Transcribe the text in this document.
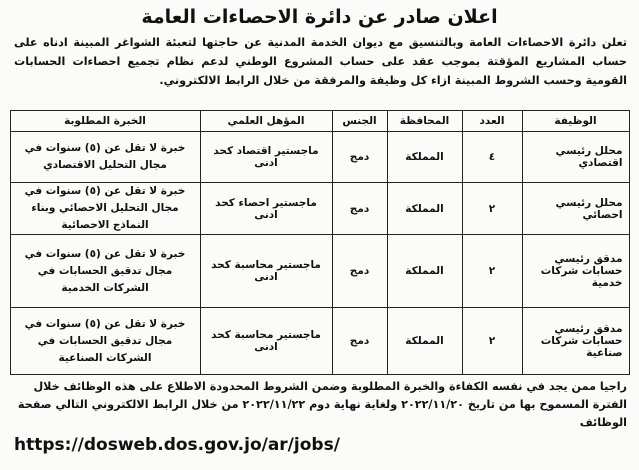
اعلان صادر عن دائرة الاحصاءات العامة

تعلن دائرة الاحصاءات العامة وبالتنسيق مع ديوان الخدمة المدنية عن حاجتها لتعبئة الشواغر المبينة ادناه على حساب المشاريع المؤقتة بموجب عقد على حساب المشروع الوطني لدعم نظام تجميع احصاءات الحسابات القومية وحسب الشروط المبينة ازاء كل وظيفة والمرفقة من خلال الرابط الالكتروني.

الوظيفة	العدد	المحافظة	الجنس	المؤهل العلمي	الخبرة المطلوبة
محلل رئيسي اقتصادي	٤	المملكة	دمج	ماجستير اقتصاد كحد ادنى	خبرة لا تقل عن (٥) سنوات في مجال التحليل الاقتصادي
محلل رئيسي احصائي	٢	المملكة	دمج	ماجستير احصاء كحد ادنى	خبرة لا تقل عن (٥) سنوات في مجال التحليل الاحصائي وبناء النماذج الاحصائية
مدقق رئيسي حسابات شركات خدمية	٢	المملكة	دمج	ماجستير محاسبة كحد ادنى	خبرة لا تقل عن (٥) سنوات في مجال تدقيق الحسابات في الشركات الخدمية
مدقق رئيسي حسابات شركات صناعية	٢	المملكة	دمج	ماجستير محاسبة كحد ادنى	خبرة لا تقل عن (٥) سنوات في مجال تدقيق الحسابات في الشركات الصناعية

راجيا ممن يجد في نفسه الكفاءة والخبرة المطلوبة وضمن الشروط المحدودة الاطلاع على هذه الوظائف خلال الفترة المسموح بها من تاريخ ٢٠٢٢/١١/٢٠ ولغاية نهاية دوم ٢٠٢٢/١١/٢٢ من خلال الرابط الالكتروني التالي صفحة الوظائف

https://dosweb.dos.gov.jo/ar/jobs/
